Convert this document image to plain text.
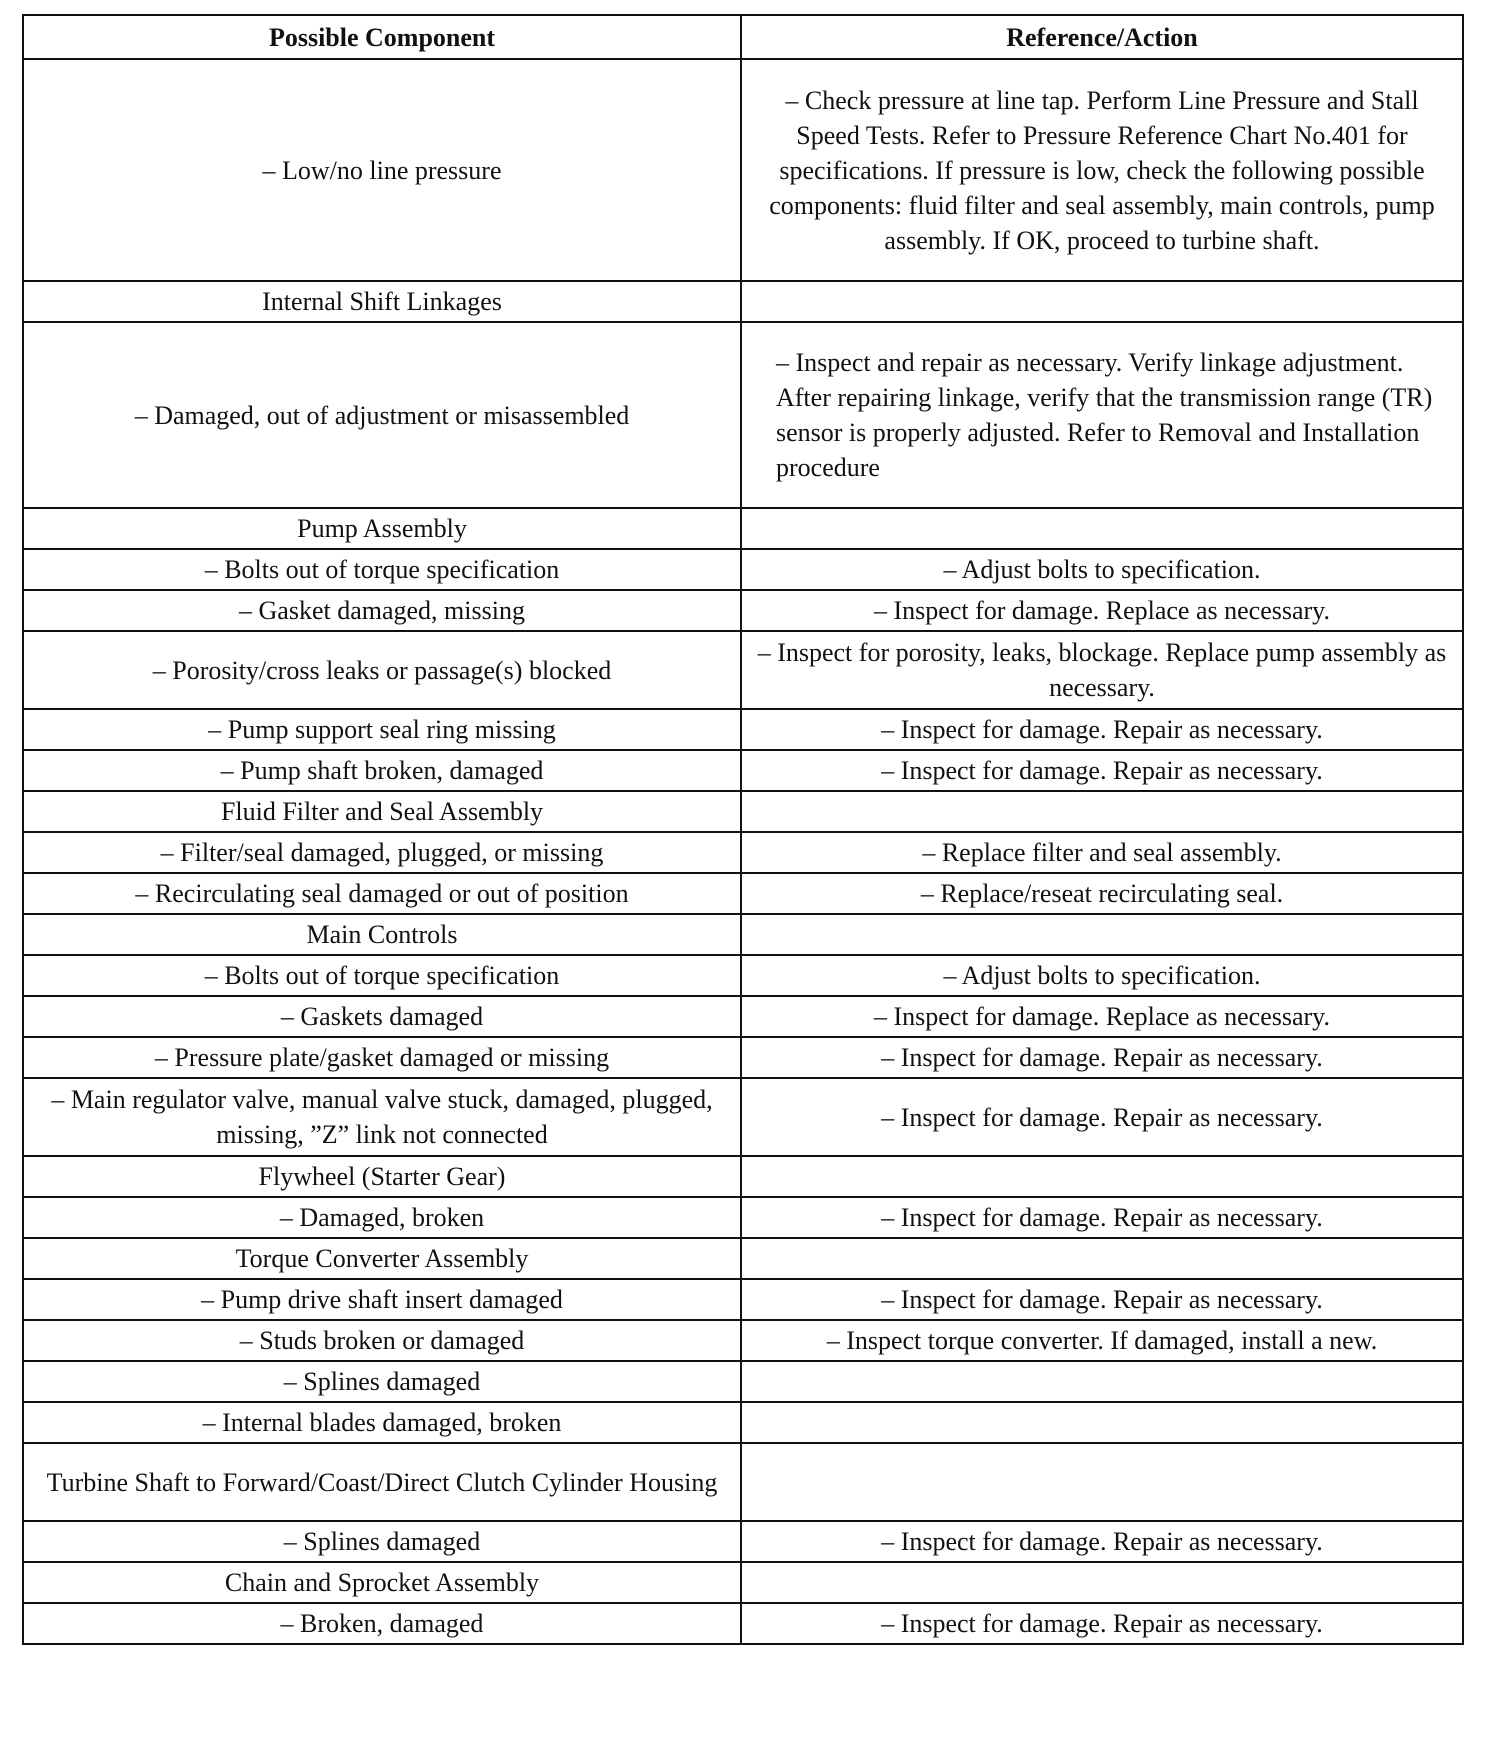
Possible Component	Reference/Action
– Low/no line pressure	– Check pressure at line tap. Perform Line Pressure and Stall Speed Tests. Refer to Pressure Reference Chart No.401 for specifications. If pressure is low, check the following possible components: fluid filter and seal assembly, main controls, pump assembly. If OK, proceed to turbine shaft.
Internal Shift Linkages	
– Damaged, out of adjustment or misassembled	– Inspect and repair as necessary. Verify linkage adjustment. After repairing linkage, verify that the transmission range (TR) sensor is properly adjusted. Refer to Removal and Installation procedure
Pump Assembly	
– Bolts out of torque specification	– Adjust bolts to specification.
– Gasket damaged, missing	– Inspect for damage. Replace as necessary.
– Porosity/cross leaks or passage(s) blocked	– Inspect for porosity, leaks, blockage. Replace pump assembly as necessary.
– Pump support seal ring missing	– Inspect for damage. Repair as necessary.
– Pump shaft broken, damaged	– Inspect for damage. Repair as necessary.
Fluid Filter and Seal Assembly	
– Filter/seal damaged, plugged, or missing	– Replace filter and seal assembly.
– Recirculating seal damaged or out of position	– Replace/reseat recirculating seal.
Main Controls	
– Bolts out of torque specification	– Adjust bolts to specification.
– Gaskets damaged	– Inspect for damage. Replace as necessary.
– Pressure plate/gasket damaged or missing	– Inspect for damage. Repair as necessary.
– Main regulator valve, manual valve stuck, damaged, plugged, missing, ”Z” link not connected	– Inspect for damage. Repair as necessary.
Flywheel (Starter Gear)	
– Damaged, broken	– Inspect for damage. Repair as necessary.
Torque Converter Assembly	
– Pump drive shaft insert damaged	– Inspect for damage. Repair as necessary.
– Studs broken or damaged	– Inspect torque converter. If damaged, install a new.
– Splines damaged	
– Internal blades damaged, broken	
Turbine Shaft to Forward/Coast/Direct Clutch Cylinder Housing	
– Splines damaged	– Inspect for damage. Repair as necessary.
Chain and Sprocket Assembly	
– Broken, damaged	– Inspect for damage. Repair as necessary.
